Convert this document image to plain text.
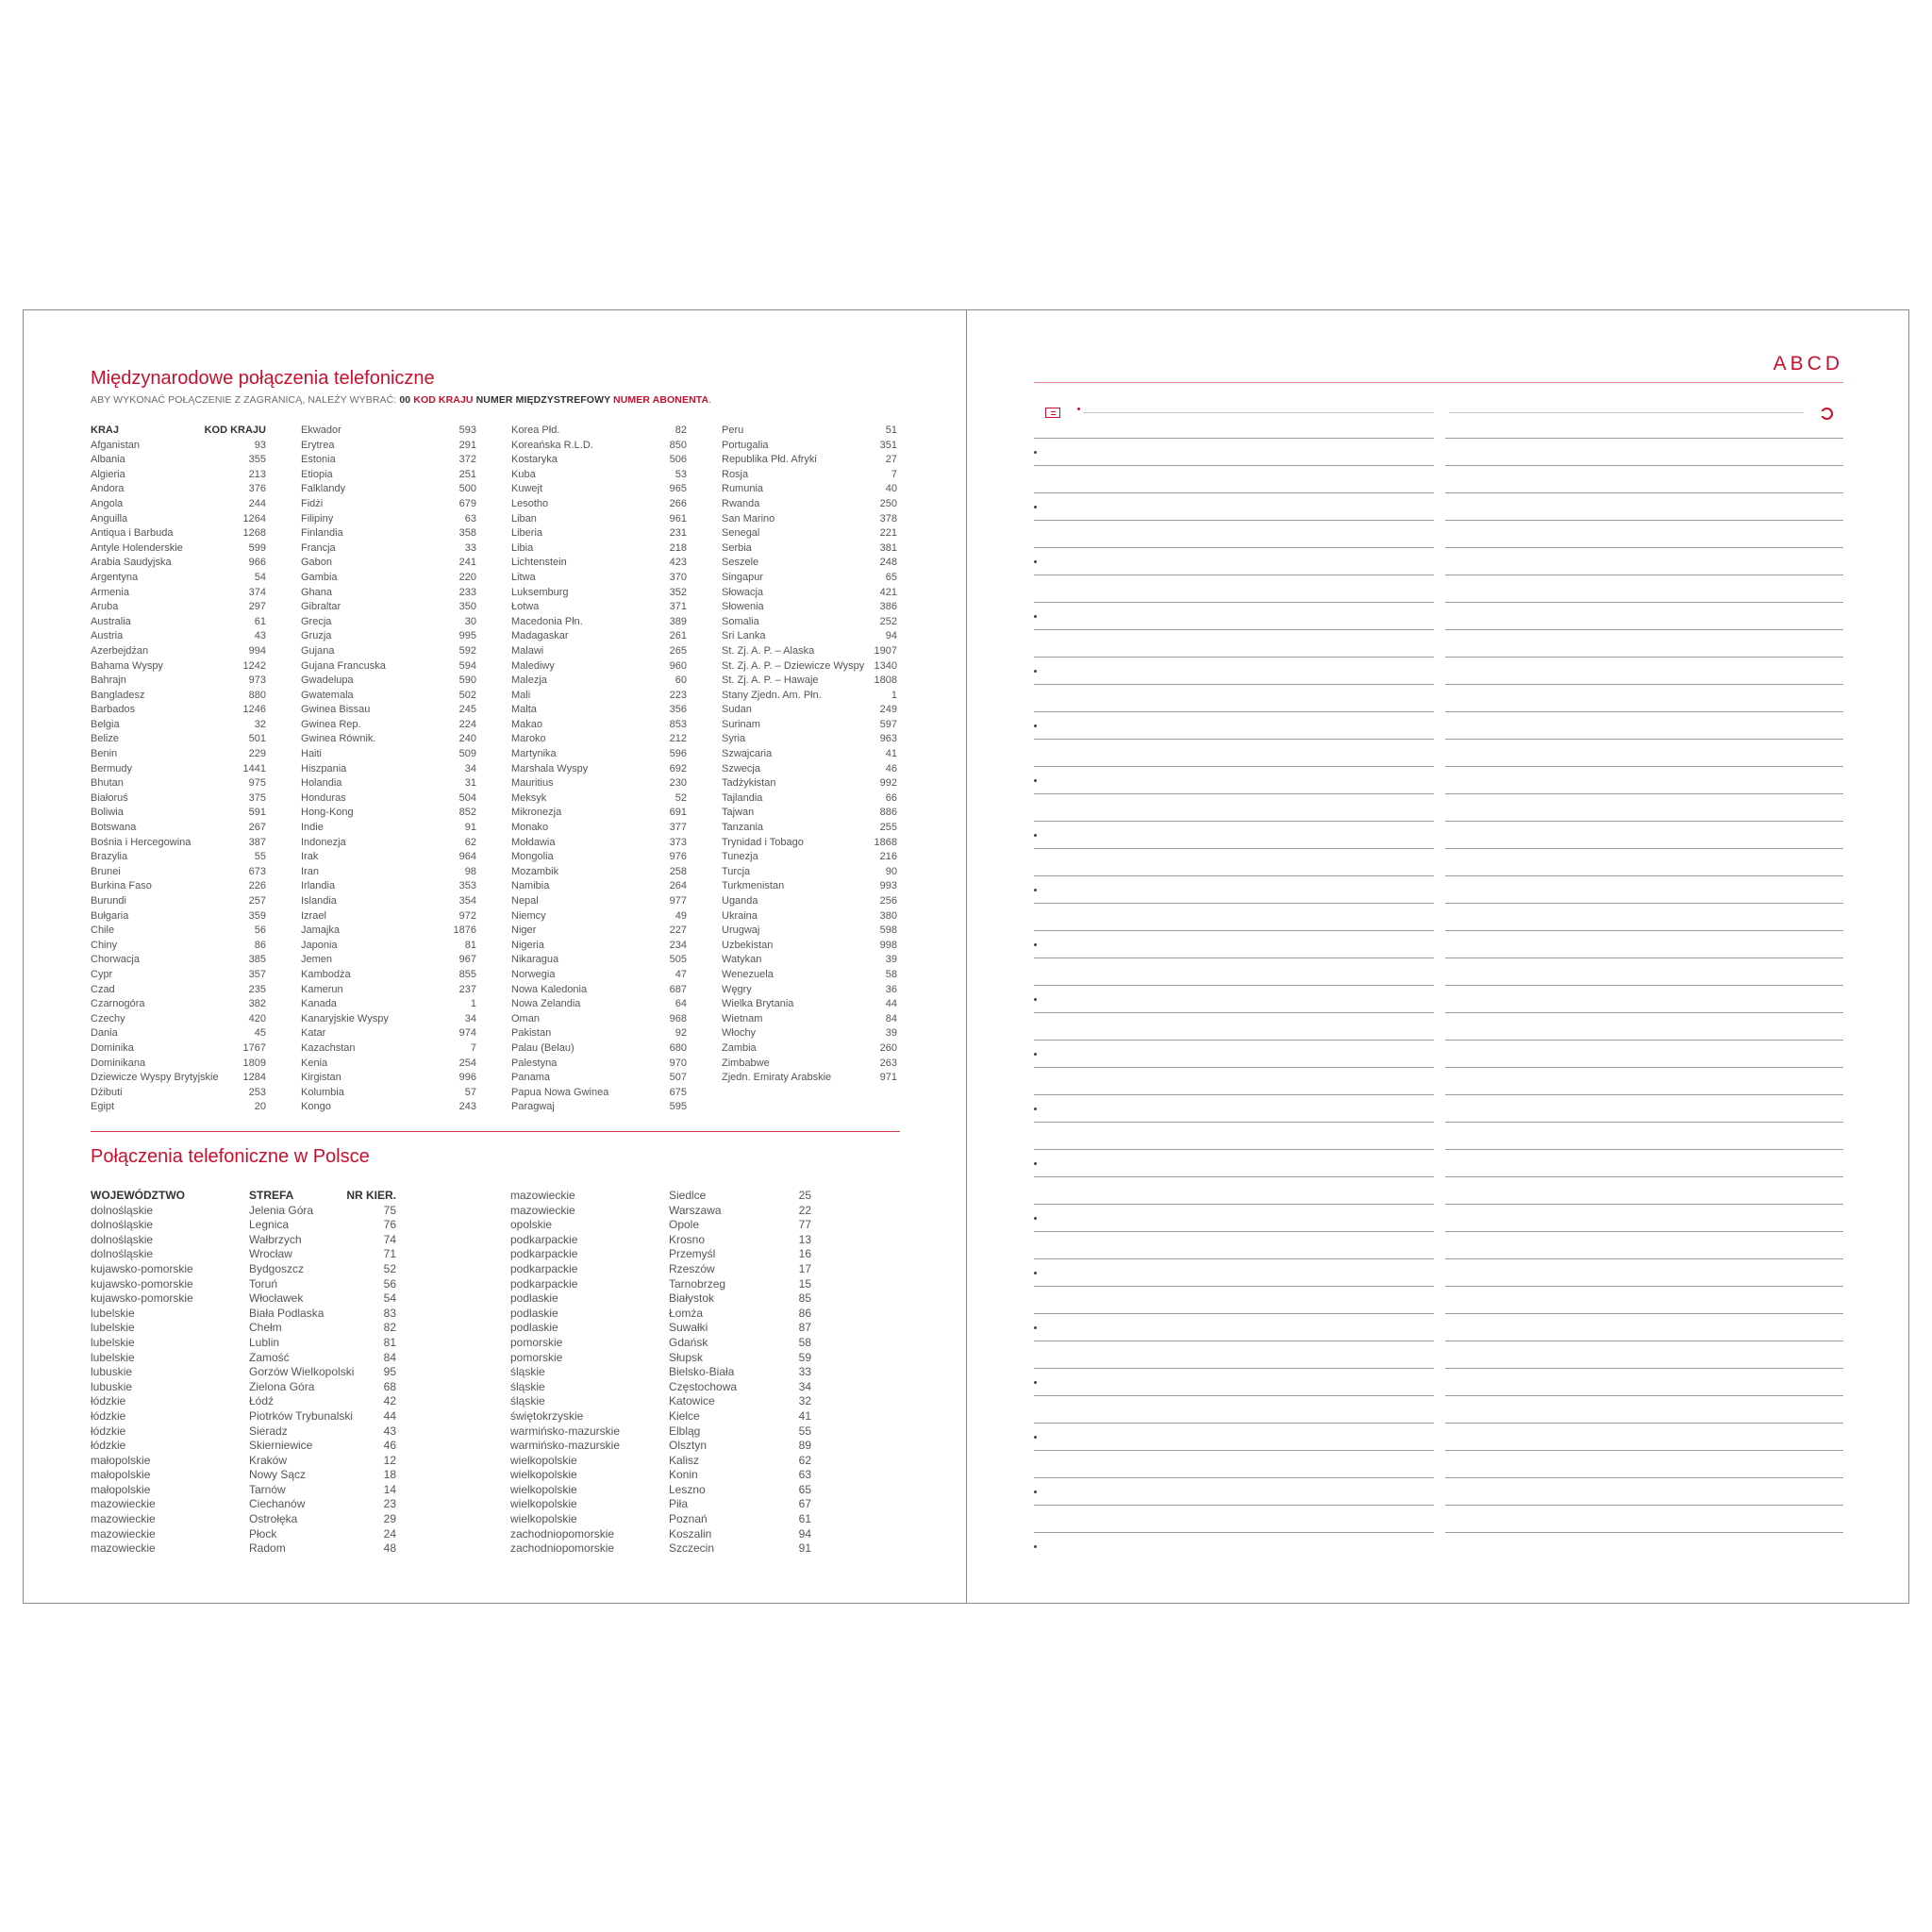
Międzynarodowe połączenia telefoniczne
ABY WYKONAĆ POŁĄCZENIE Z ZAGRANICĄ, NALEŻY WYBRAĆ: 00 KOD KRAJU NUMER MIĘDZYSTREFOWY NUMER ABONENTA.
KRAJ	KOD KRAJU
Afganistan	93
Albania	355
Algieria	213
Andora	376
Angola	244
Anguilla	1264
Antiqua i Barbuda	1268
Antyle Holenderskie	599
Arabia Saudyjska	966
Argentyna	54
Armenia	374
Aruba	297
Australia	61
Austria	43
Azerbejdżan	994
Bahama Wyspy	1242
Bahrajn	973
Bangladesz	880
Barbados	1246
Belgia	32
Belize	501
Benin	229
Bermudy	1441
Bhutan	975
Białoruś	375
Boliwia	591
Botswana	267
Bośnia i Hercegowina	387
Brazylia	55
Brunei	673
Burkina Faso	226
Burundi	257
Bułgaria	359
Chile	56
Chiny	86
Chorwacja	385
Cypr	357
Czad	235
Czarnogóra	382
Czechy	420
Dania	45
Dominika	1767
Dominikana	1809
Dziewicze Wyspy Brytyjskie 1284
Dżibuti	253
Egipt	20
Ekwador	593
Erytrea	291
Estonia	372
Etiopia	251
Falklandy	500
Fidżi	679
Filipiny	63
Finlandia	358
Francja	33
Gabon	241
Gambia	220
Ghana	233
Gibraltar	350
Grecja	30
Gruzja	995
Gujana	592
Gujana Francuska	594
Gwadelupa	590
Gwatemala	502
Gwinea Bissau	245
Gwinea Rep.	224
Gwinea Równik.	240
Haiti	509
Hiszpania	34
Holandia	31
Honduras	504
Hong-Kong	852
Indie	91
Indonezja	62
Irak	964
Iran	98
Irlandia	353
Islandia	354
Izrael	972
Jamajka	1876
Japonia	81
Jemen	967
Kambodża	855
Kamerun	237
Kanada	1
Kanaryjskie Wyspy	34
Katar	974
Kazachstan	7
Kenia	254
Kirgistan	996
Kolumbia	57
Kongo	243
Korea Płd.	82
Koreańska R.L.D.	850
Kostaryka	506
Kuba	53
Kuwejt	965
Lesotho	266
Liban	961
Liberia	231
Libia	218
Lichtenstein	423
Litwa	370
Luksemburg	352
Łotwa	371
Macedonia Płn.	389
Madagaskar	261
Malawi	265
Malediwy	960
Malezja	60
Mali	223
Malta	356
Makao	853
Maroko	212
Martynika	596
Marshala Wyspy	692
Mauritius	230
Meksyk	52
Mikronezja	691
Monako	377
Mołdawia	373
Mongolia	976
Mozambik	258
Namibia	264
Nepal	977
Niemcy	49
Niger	227
Nigeria	234
Nikaragua	505
Norwegia	47
Nowa Kaledonia	687
Nowa Zelandia	64
Oman	968
Pakistan	92
Palau (Belau)	680
Palestyna	970
Panama	507
Papua Nowa Gwinea	675
Paragwaj	595
Peru	51
Portugalia	351
Republika Płd. Afryki	27
Rosja	7
Rumunia	40
Rwanda	250
San Marino	378
Senegal	221
Serbia	381
Seszele	248
Singapur	65
Słowacja	421
Słowenia	386
Somalia	252
Sri Lanka	94
St. Zj. A. P. – Alaska	1907
St. Zj. A. P. – Dziewicze Wyspy 1340
St. Zj. A. P. – Hawaje	1808
Stany Zjedn. Am. Płn.	1
Sudan	249
Surinam	597
Syria	963
Szwajcaria	41
Szwecja	46
Tadżykistan	992
Tajlandia	66
Tajwan	886
Tanzania	255
Trynidad i Tobago	1868
Tunezja	216
Turcja	90
Turkmenistan	993
Uganda	256
Ukraina	380
Urugwaj	598
Uzbekistan	998
Watykan	39
Wenezuela	58
Węgry	36
Wielka Brytania	44
Wietnam	84
Włochy	39
Zambia	260
Zimbabwe	263
Zjedn. Emiraty Arabskie	971
Połączenia telefoniczne w Polsce
WOJEWÓDZTWO	STREFA	NR KIER.
dolnośląskie	Jelenia Góra	75
dolnośląskie	Legnica	76
dolnośląskie	Wałbrzych	74
dolnośląskie	Wrocław	71
kujawsko-pomorskie	Bydgoszcz	52
kujawsko-pomorskie	Toruń	56
kujawsko-pomorskie	Włocławek	54
lubelskie	Biała Podlaska	83
lubelskie	Chełm	82
lubelskie	Lublin	81
lubelskie	Zamość	84
lubuskie	Gorzów Wielkopolski	95
lubuskie	Zielona Góra	68
łódzkie	Łódź	42
łódzkie	Piotrków Trybunalski	44
łódzkie	Sieradz	43
łódzkie	Skierniewice	46
małopolskie	Kraków	12
małopolskie	Nowy Sącz	18
małopolskie	Tarnów	14
mazowieckie	Ciechanów	23
mazowieckie	Ostrołęka	29
mazowieckie	Płock	24
mazowieckie	Radom	48
mazowieckie	Siedlce	25
mazowieckie	Warszawa	22
opolskie	Opole	77
podkarpackie	Krosno	13
podkarpackie	Przemyśl	16
podkarpackie	Rzeszów	17
podkarpackie	Tarnobrzeg	15
podlaskie	Białystok	85
podlaskie	Łomża	86
podlaskie	Suwałki	87
pomorskie	Gdańsk	58
pomorskie	Słupsk	59
śląskie	Bielsko-Biała	33
śląskie	Częstochowa	34
śląskie	Katowice	32
świętokrzyskie	Kielce	41
warmińsko-mazurskie	Elbląg	55
warmińsko-mazurskie	Olsztyn	89
wielkopolskie	Kalisz	62
wielkopolskie	Konin	63
wielkopolskie	Leszno	65
wielkopolskie	Piła	67
wielkopolskie	Poznań	61
zachodniopomorskie	Koszalin	94
zachodniopomorskie	Szczecin	91
ABCD
